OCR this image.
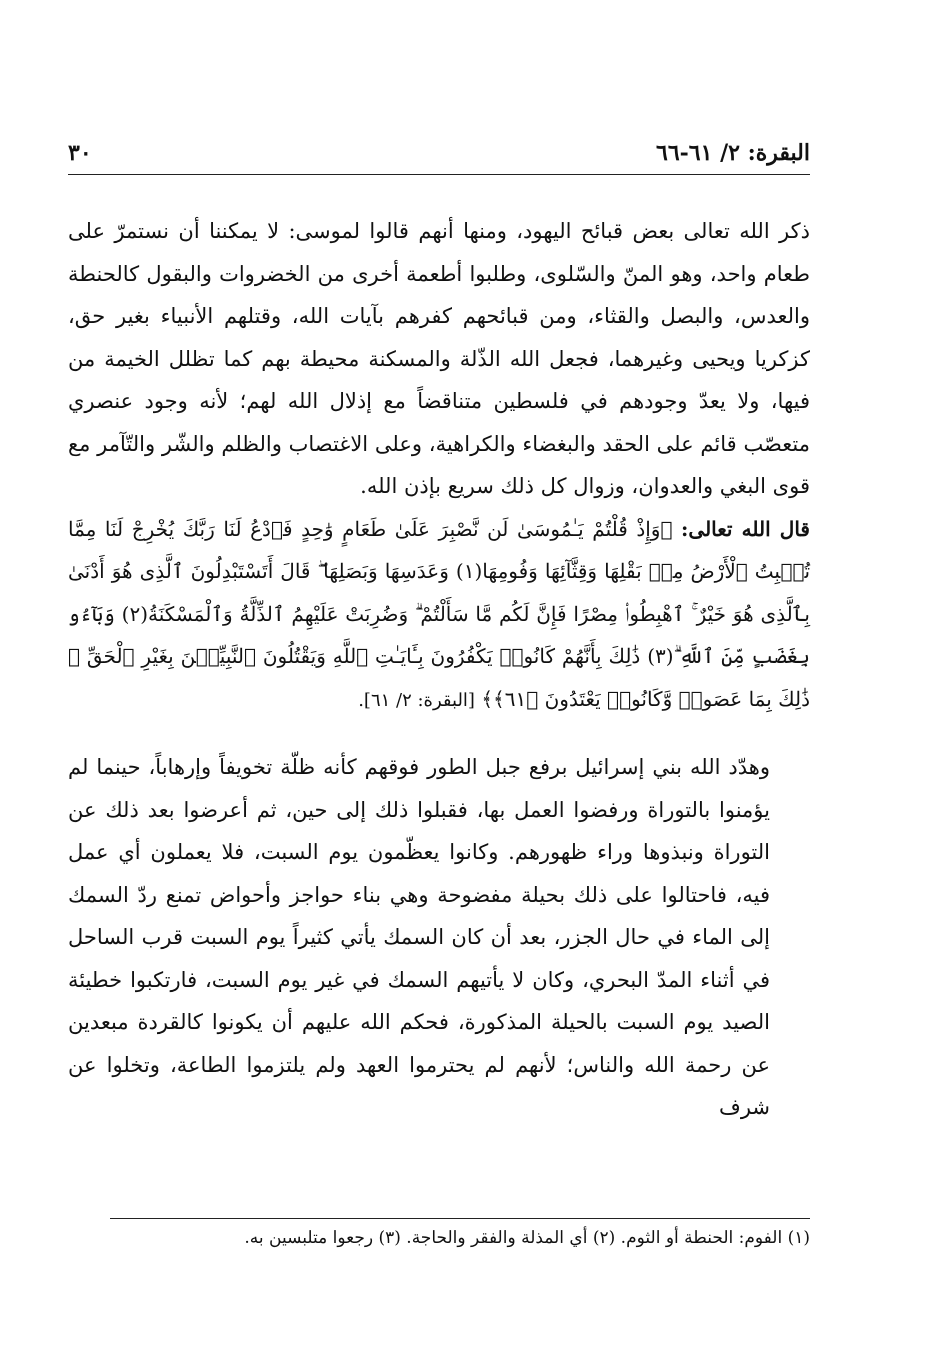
البقرة: ٢/ ٦١-٦٦
٣٠

ذكر الله تعالى بعض قبائح اليهود، ومنها أنهم قالوا لموسى: لا يمكننا أن نستمرّ على طعام واحد، وهو المنّ والسّلوى، وطلبوا أطعمة أخرى من الخضروات والبقول كالحنطة والعدس، والبصل والقثاء، ومن قبائحهم كفرهم بآيات الله، وقتلهم الأنبياء بغير حق، كزكريا ويحيى وغيرهما، فجعل الله الذّلة والمسكنة محيطة بهم كما تظلل الخيمة من فيها، ولا يعدّ وجودهم في فلسطين متناقضاً مع إذلال الله لهم؛ لأنه وجود عنصري متعصّب قائم على الحقد والبغضاء والكراهية، وعلى الاغتصاب والظلم والشّر والتّآمر مع قوى البغي والعدوان، وزوال كل ذلك سريع بإذن الله.

قال الله تعالى: ﴿وَإِذْ قُلْتُمْ يَـٰمُوسَىٰ لَن نَّصْبِرَ عَلَىٰ طَعَامٍ وَٰحِدٍ فَٱدْعُ لَنَا رَبَّكَ يُخْرِجْ لَنَا مِمَّا تُنۢبِتُ ٱلْأَرْضُ مِنۢ بَقْلِهَا وَقِثَّآئِهَا وَفُومِهَا(١) وَعَدَسِهَا وَبَصَلِهَا ۖ قَالَ أَتَسْتَبْدِلُونَ ٱلَّذِى هُوَ أَدْنَىٰ بِٱلَّذِى هُوَ خَيْرٌ ۚ ٱهْبِطُوا۟ مِصْرًا فَإِنَّ لَكُم مَّا سَأَلْتُمْ ۗ وَضُرِبَتْ عَلَيْهِمُ ٱلذِّلَّةُ وَٱلْمَسْكَنَةُ(٢) وَبَآءُو بِغَضَبٍ مِّنَ ٱللَّهِ ۗ(٣) ذَٰلِكَ بِأَنَّهُمْ كَانُوا۟ يَكْفُرُونَ بِـَٔايَـٰتِ ٱللَّهِ وَيَقْتُلُونَ ٱلنَّبِيِّـۧنَ بِغَيْرِ ٱلْحَقِّ ۗ ذَٰلِكَ بِمَا عَصَوا۟ وَّكَانُوا۟ يَعْتَدُونَ ﴿٦١﴾﴾ [البقرة: ٢/ ٦١].

وهدّد الله بني إسرائيل برفع جبل الطور فوقهم كأنه ظلّة تخويفاً وإرهاباً، حينما لم يؤمنوا بالتوراة ورفضوا العمل بها، فقبلوا ذلك إلى حين، ثم أعرضوا بعد ذلك عن التوراة ونبذوها وراء ظهورهم. وكانوا يعظّمون يوم السبت، فلا يعملون أي عمل فيه، فاحتالوا على ذلك بحيلة مفضوحة وهي بناء حواجز وأحواض تمنع ردّ السمك إلى الماء في حال الجزر، بعد أن كان السمك يأتي كثيراً يوم السبت قرب الساحل في أثناء المدّ البحري، وكان لا يأتيهم السمك في غير يوم السبت، فارتكبوا خطيئة الصيد يوم السبت بالحيلة المذكورة، فحكم الله عليهم أن يكونوا كالقردة مبعدين عن رحمة الله والناس؛ لأنهم لم يحترموا العهد ولم يلتزموا الطاعة، وتخلوا عن شرف

(١) الفوم: الحنطة أو الثوم. (٢) أي المذلة والفقر والحاجة. (٣) رجعوا متلبسين به.
